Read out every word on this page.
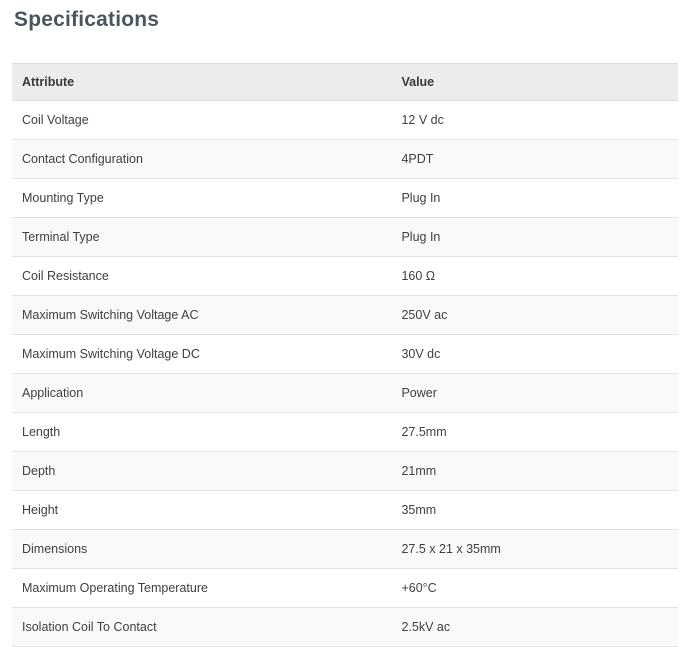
Specifications
Attribute	Value
Coil Voltage	12 V dc
Contact Configuration	4PDT
Mounting Type	Plug In
Terminal Type	Plug In
Coil Resistance	160 Ω
Maximum Switching Voltage AC	250V ac
Maximum Switching Voltage DC	30V dc
Application	Power
Length	27.5mm
Depth	21mm
Height	35mm
Dimensions	27.5 x 21 x 35mm
Maximum Operating Temperature	+60°C
Isolation Coil To Contact	2.5kV ac
